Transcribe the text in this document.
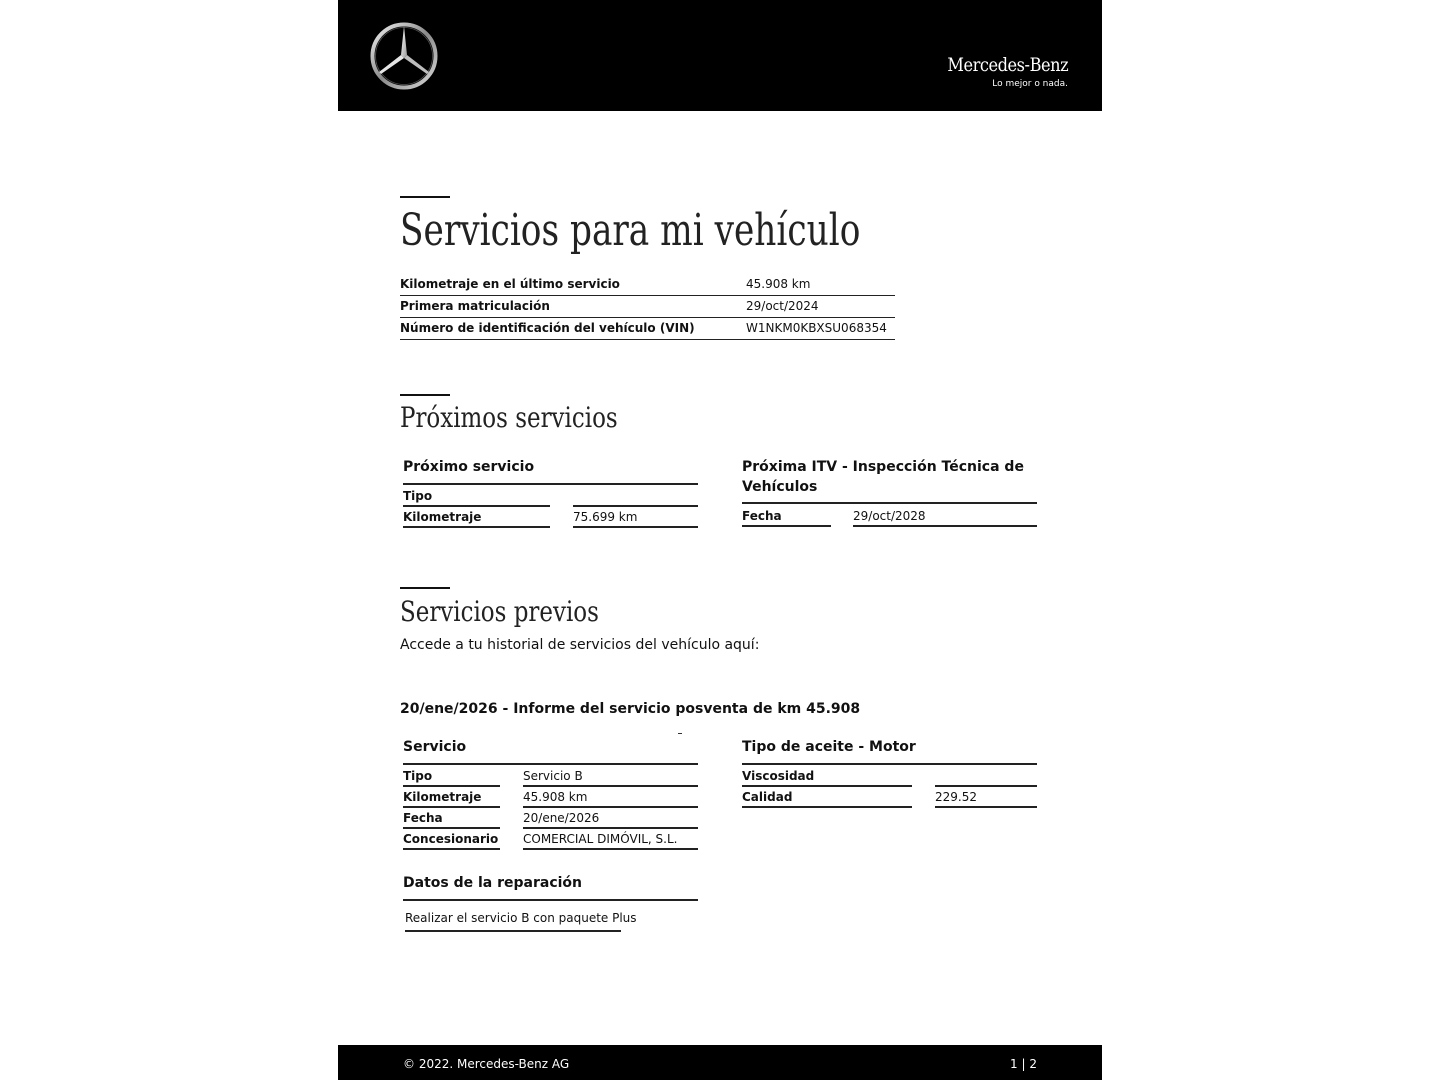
Mercedes-Benz
Lo mejor o nada.
Servicios para mi vehículo
Kilometraje en el último servicio	45.908 km
Primera matriculación	29/oct/2024
Número de identificación del vehículo (VIN)	W1NKM0KBXSU068354
Próximos servicios
Próximo servicio
Tipo
Kilometraje	75.699 km
Próxima ITV - Inspección Técnica de
Vehículos
Fecha	29/oct/2028
Servicios previos
Accede a tu historial de servicios del vehículo aquí:
20/ene/2026 - Informe del servicio posventa de km 45.908
Servicio
Tipo	Servicio B
Kilometraje	45.908 km
Fecha	20/ene/2026
Concesionario COMERCIAL DIMÓVIL, S.L.
Tipo de aceite - Motor
Viscosidad
Calidad	229.52
Datos de la reparación
Realizar el servicio B con paquete Plus
© 2022. Mercedes-Benz AG	1 | 2
